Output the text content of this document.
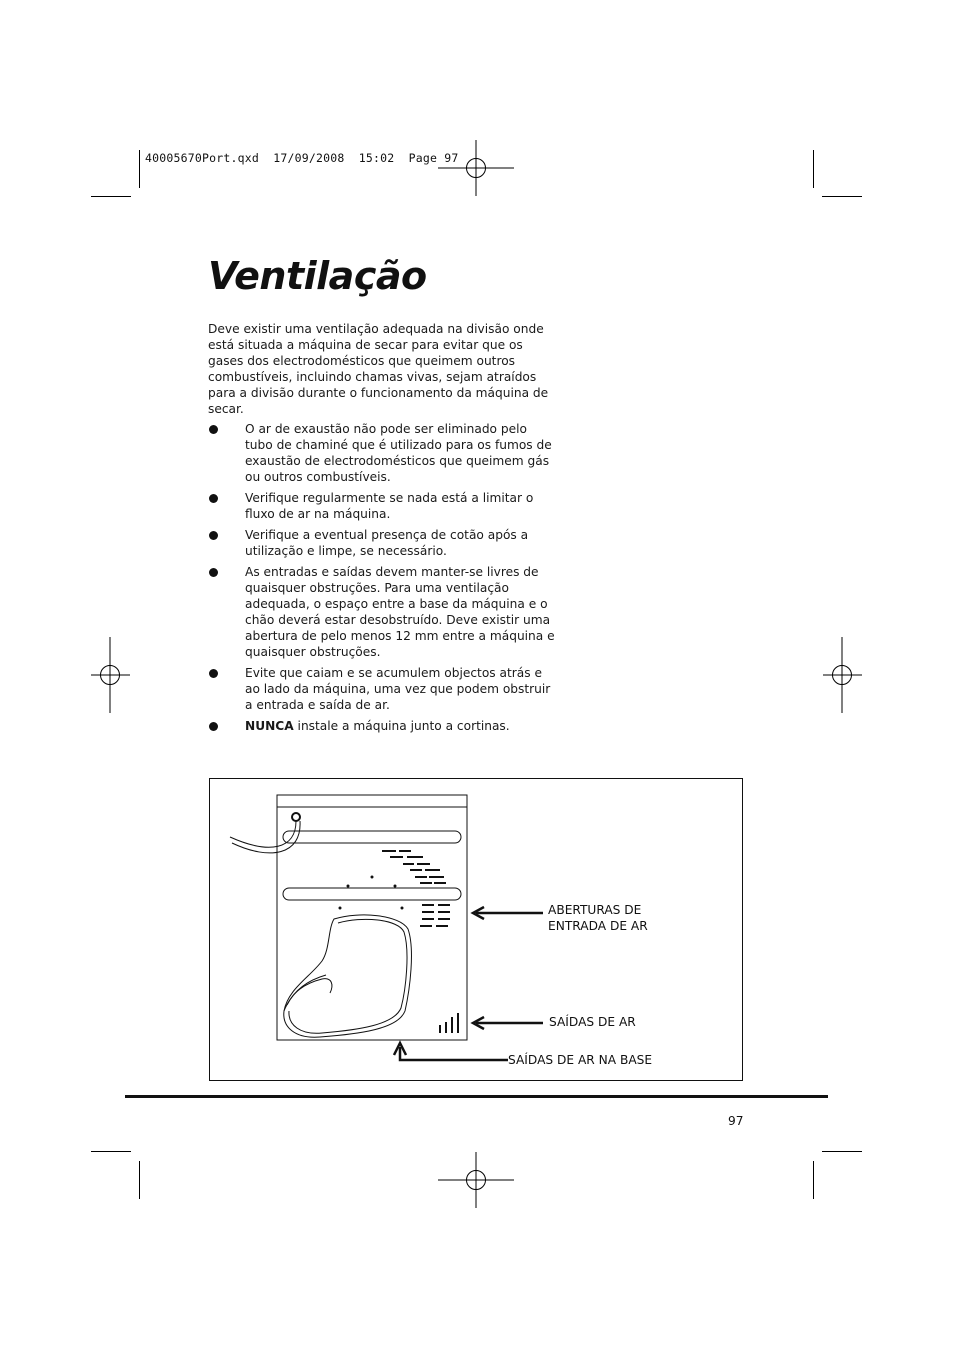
40005670Port.qxd  17/09/2008  15:02  Page 97
Ventilação
Deve existir uma ventilação adequada na divisão onde está situada a máquina de secar para evitar que os gases dos electrodomésticos que queimem outros combustíveis, incluindo chamas vivas, sejam atraídos para a divisão durante o funcionamento da máquina de secar.
O ar de exaustão não pode ser eliminado pelo tubo de chaminé que é utilizado para os fumos de exaustão de electrodomésticos que queimem gás ou outros combustíveis.
Verifique regularmente se nada está a limitar o fluxo de ar na máquina.
Verifique a eventual presença de cotão após a utilização e limpe, se necessário.
As entradas e saídas devem manter-se livres de quaisquer obstruções. Para uma ventilação adequada, o espaço entre a base da máquina e o chão deverá estar desobstruído. Deve existir uma abertura de pelo menos 12 mm entre a máquina e quaisquer obstruções.
Evite que caiam e se acumulem objectos atrás e ao lado da máquina, uma vez que podem obstruir a entrada e saída de ar.
NUNCA instale a máquina junto a cortinas.
ABERTURAS DE
ENTRADA DE AR
SAÍDAS DE AR
SAÍDAS DE AR NA BASE
97
